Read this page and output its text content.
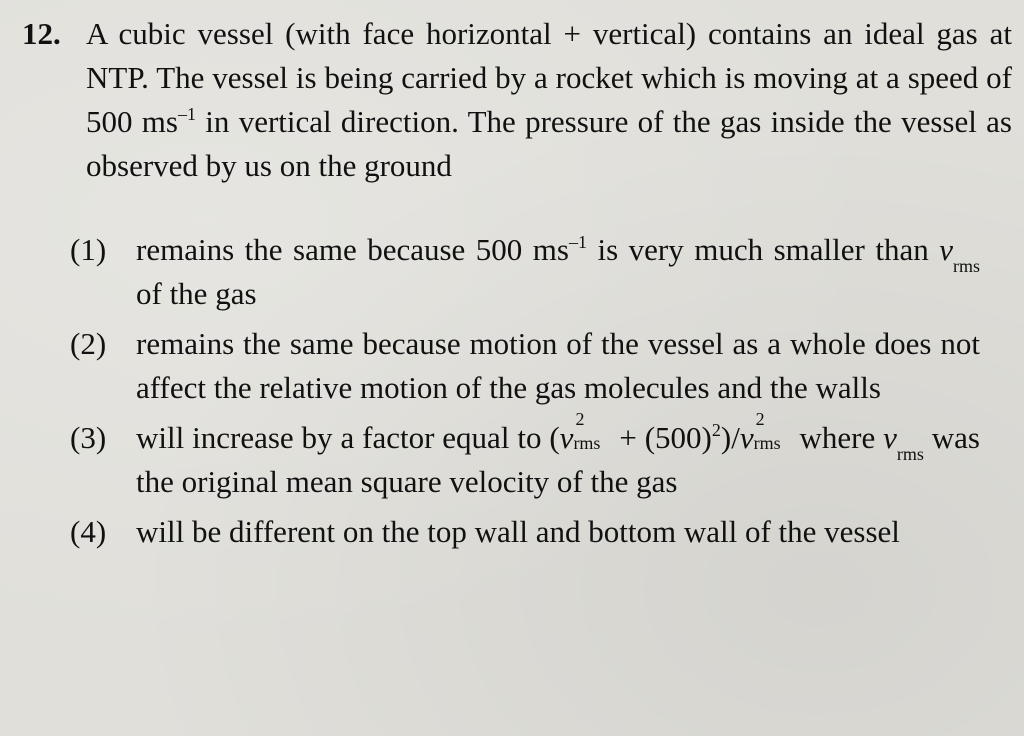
12. A cubic vessel (with face horizontal + vertical) contains an ideal gas at NTP. The vessel is being carried by a rocket which is moving at a speed of 500 $ms^{-1}$ in vertical direction. The pressure of the gas inside the vessel as observed by us on the ground
(1) remains the same because 500 $ms^{-1}$ is very much smaller than $v_{rms}$ of the gas
(2) remains the same because motion of the vessel as a whole does not affect the relative motion of the gas molecules and the walls
(3) will increase by a factor equal to (v
2
rms + $(500)^2)/v$
2
rms where $v_{rms}$ was the original mean square velocity of the gas
(4) will be different on the top wall and bottom wall of the vessel
